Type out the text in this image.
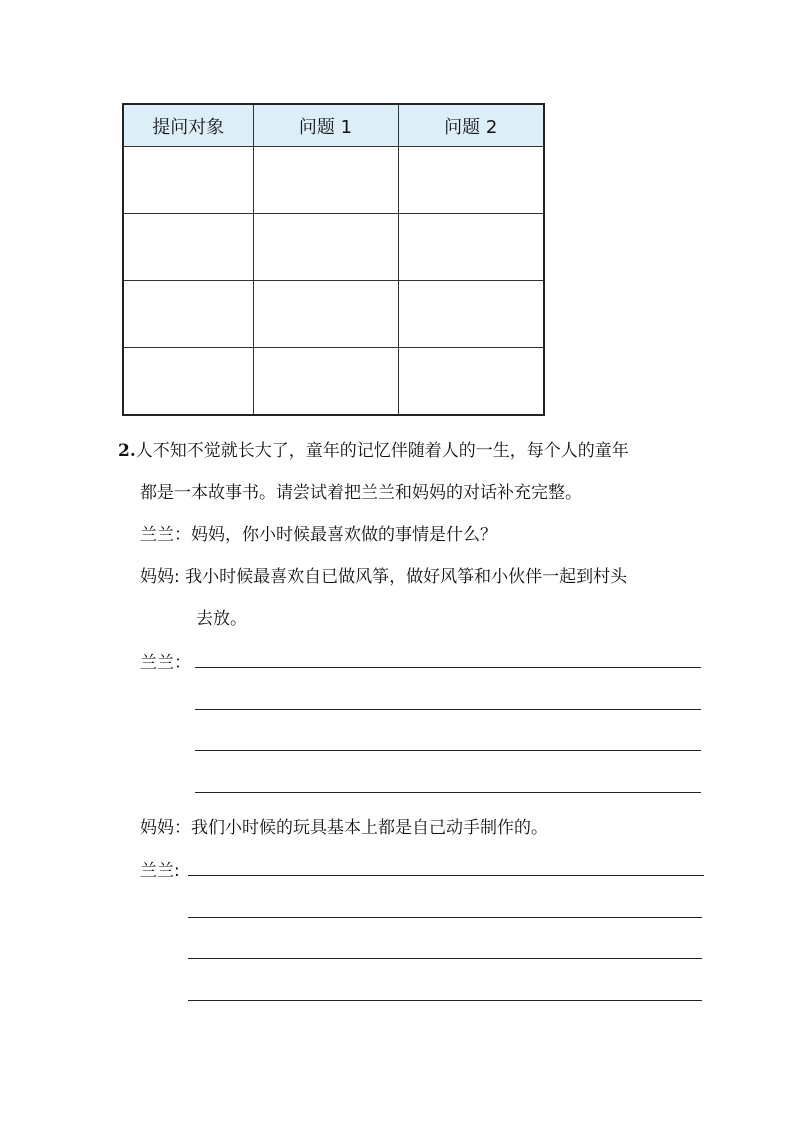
提问对象	问题 1	问题 2

2.人不知不觉就长大了，童年的记忆伴随着人的一生，每个人的童年
都是一本故事书。请尝试着把兰兰和妈妈的对话补充完整。
兰兰：妈妈，你小时候最喜欢做的事情是什么？
妈妈: 我小时候最喜欢自已做风筝，做好风筝和小伙伴一起到村头
去放。
兰兰：
妈妈：我们小时候的玩具基本上都是自己动手制作的。
兰兰:
